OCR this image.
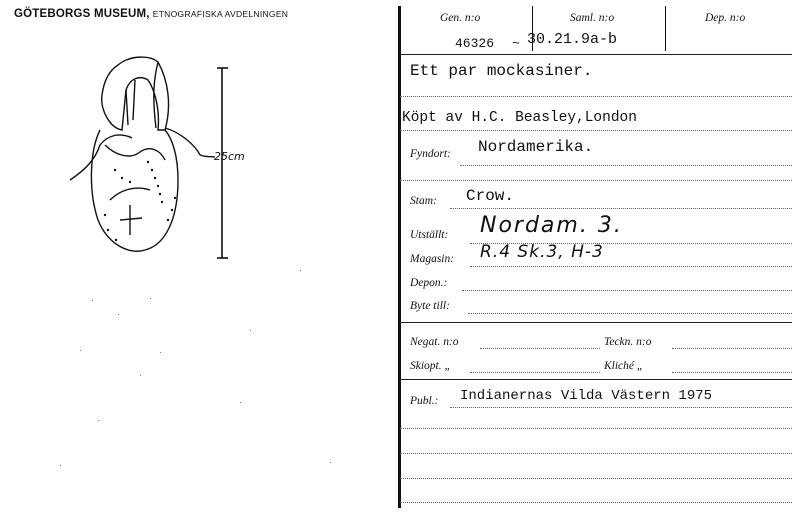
GÖTEBORGS MUSEUM, ETNOGRAFISKA AVDELNINGEN
25cm
Gen. n:o
46326 ~
Saml. n:o
30.21.9a-b
Dep. n:o
Ett par mockasiner.
Köpt av H.C. Beasley,London
Fyndort: Nordamerika.
Stam: Crow.
Utställt: Nordam. 3.
Magasin: R.4 Sk.3, H-3
Depon.:
Byte till:
Negat. n:o	Teckn. n:o
Skiopt. „	Kliché „
Publ.: Indianernas Vilda Västern 1975
